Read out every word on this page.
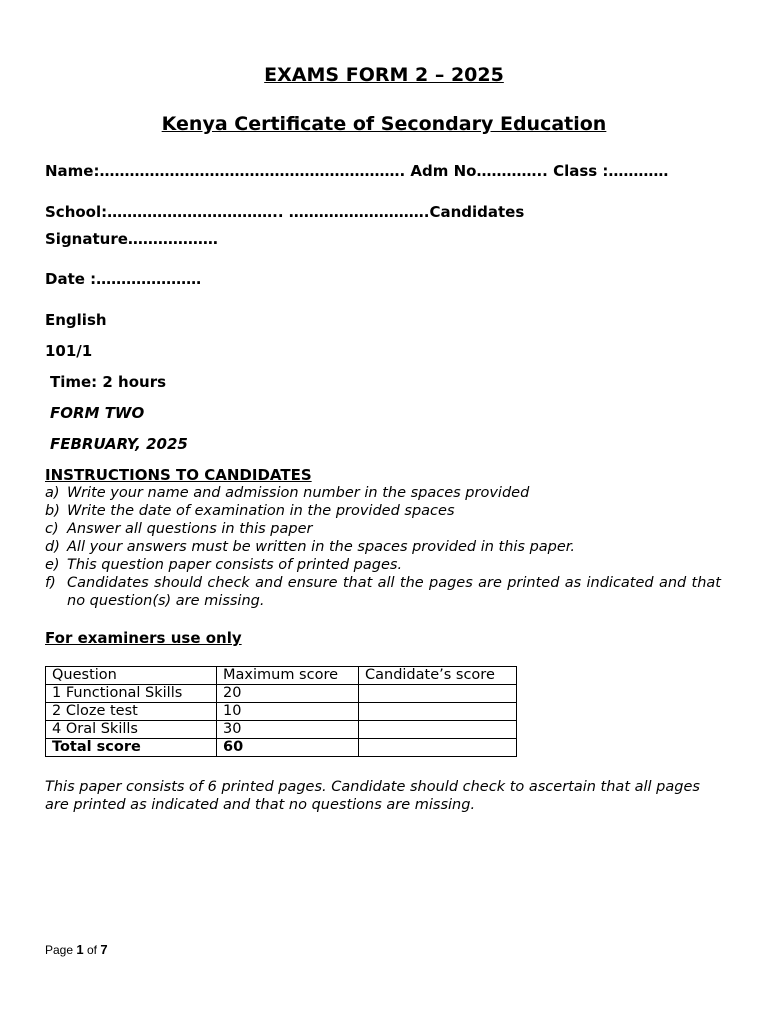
EXAMS FORM 2 – 2025
Kenya Certificate of Secondary Education
Name:……………………………………………………. Adm No………….. Class :…………
School:…………………………….. ……………………….Candidates
Signature………………
Date :…………………
English
101/1
Time: 2 hours
FORM TWO
FEBRUARY, 2025
INSTRUCTIONS TO CANDIDATES
a) Write your name and admission number in the spaces provided
b) Write the date of examination in the provided spaces
c) Answer all questions in this paper
d) All your answers must be written in the spaces provided in this paper.
e) This question paper consists of printed pages.
f) Candidates should check and ensure that all the pages are printed as indicated and that no question(s) are missing.
For examiners use only
Question	Maximum score	Candidate’s score
1 Functional Skills	20	
2 Cloze test	10	
4 Oral Skills	30	
Total score	60	
This paper consists of 6 printed pages. Candidate should check to ascertain that all pages are printed as indicated and that no questions are missing.
Page 1 of 7
